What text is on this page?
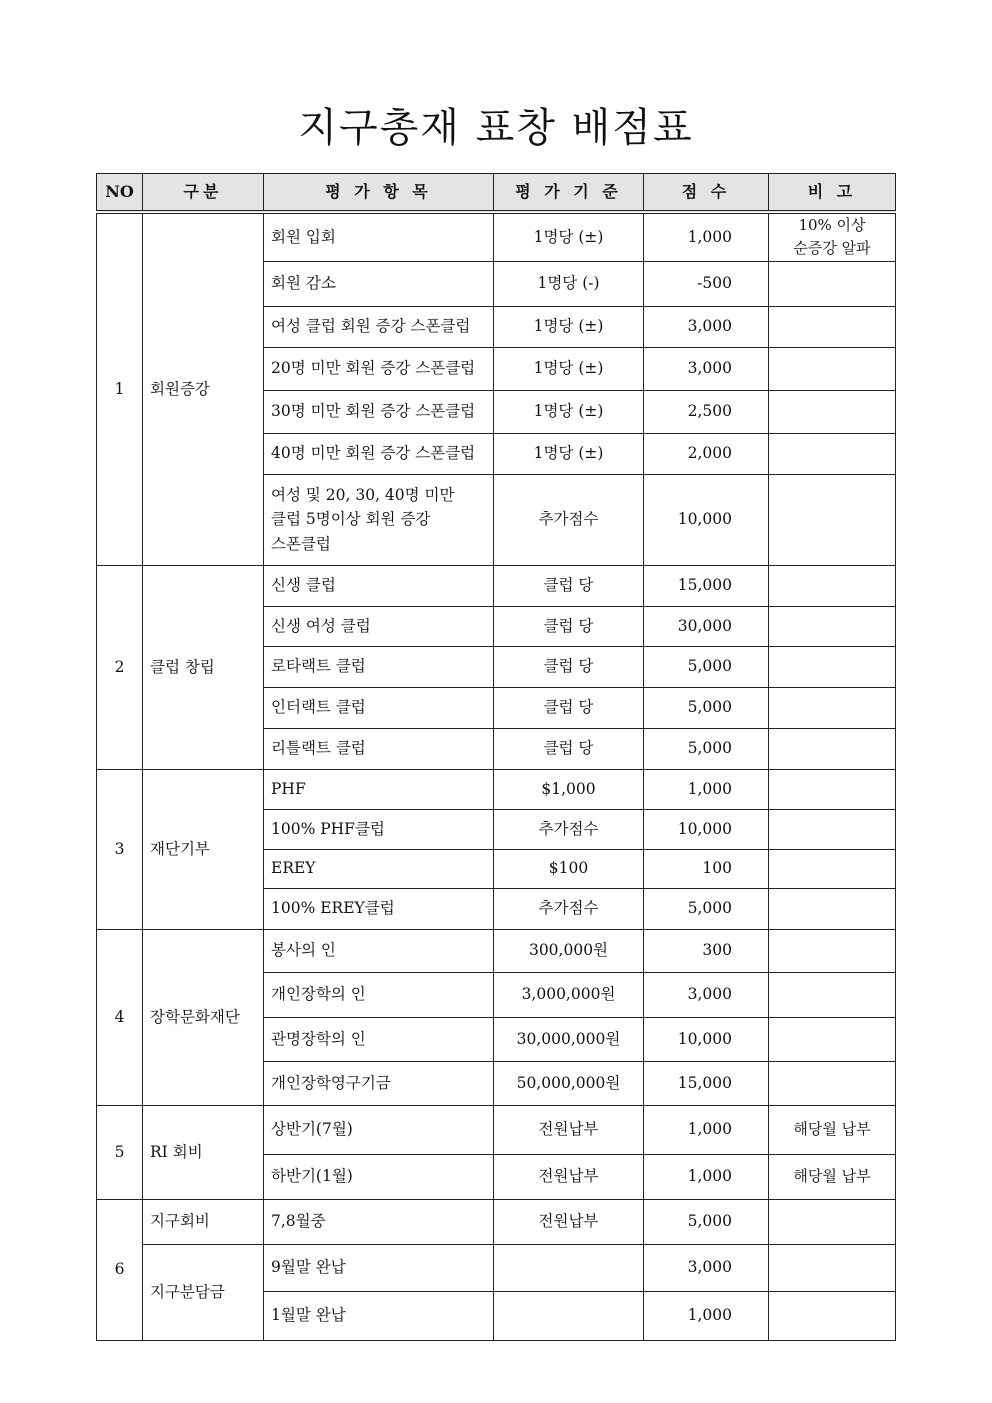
지구총재 표창 배점표
NO	구분	평 가 항 목	평 가 기 준	점 수	비 고
1	회원증강	회원 입회	1명당 (±)	1,000	10% 이상
순증강 알파
		회원 감소	1명당 (-)	-500	
		여성 클럽 회원 증강 스폰클럽	1명당 (±)	3,000	
		20명 미만 회원 증강 스폰클럽	1명당 (±)	3,000	
		30명 미만 회원 증강 스폰클럽	1명당 (±)	2,500	
		40명 미만 회원 증강 스폰클럽	1명당 (±)	2,000	
		여성 및 20, 30, 40명 미만
클럽 5명이상 회원 증강
스폰클럽	추가점수	10,000	
2	클럽 창립	신생 클럽	클럽 당	15,000	
		신생 여성 클럽	클럽 당	30,000	
		로타랙트 클럽	클럽 당	5,000	
		인터랙트 클럽	클럽 당	5,000	
		리틀랙트 클럽	클럽 당	5,000	
3	재단기부	PHF	$1,000	1,000	
		100% PHF클럽	추가점수	10,000	
		EREY	$100	100	
		100% EREY클럽	추가점수	5,000	
4	장학문화재단	봉사의 인	300,000원	300	
		개인장학의 인	3,000,000원	3,000	
		관명장학의 인	30,000,000원	10,000	
		개인장학영구기금	50,000,000원	15,000	
5	RI 회비	상반기(7월)	전원납부	1,000	해당월 납부
		하반기(1월)	전원납부	1,000	해당월 납부
6	지구회비	7,8월중	전원납부	5,000	
	지구분담금	9월말 완납		3,000	
		1월말 완납		1,000	
